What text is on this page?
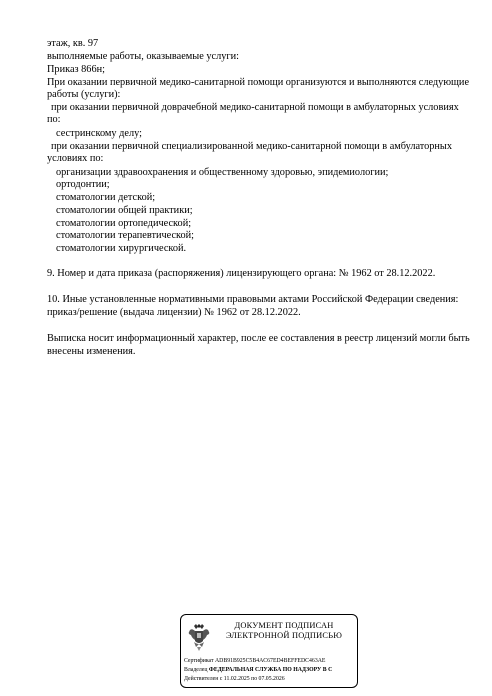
этаж, кв. 97
выполняемые работы, оказываемые услуги:
Приказ 866н;
При оказании первичной медико-санитарной помощи организуются и выполняются следующие
работы (услуги):
при оказании первичной доврачебной медико-санитарной помощи в амбулаторных условиях
по:
сестринскому делу;
при оказании первичной специализированной медико-санитарной помощи в амбулаторных
условиях по:
организации здравоохранения и общественному здоровью, эпидемиологии;
ортодонтии;
стоматологии детской;
стоматологии общей практики;
стоматологии ортопедической;
стоматологии терапевтической;
стоматологии хирургической.
9. Номер и дата приказа (распоряжения) лицензирующего органа: № 1962 от 28.12.2022.
10. Иные установленные нормативными правовыми актами Российской Федерации сведения:
приказ/решение (выдача лицензии) № 1962 от 28.12.2022.
Выписка носит информационный характер, после ее составления в реестр лицензий могли быть
внесены изменения.
ДОКУМЕНТ ПОДПИСАН
ЭЛЕКТРОННОЙ ПОДПИСЬЮ
Сертификат ADB91B925C5B4AC67ED4BEFFEDC463AE
Владелец ФЕДЕРАЛЬНАЯ СЛУЖБА ПО НАДЗОРУ В С
Действителен с 11.02.2025 по 07.05.2026
